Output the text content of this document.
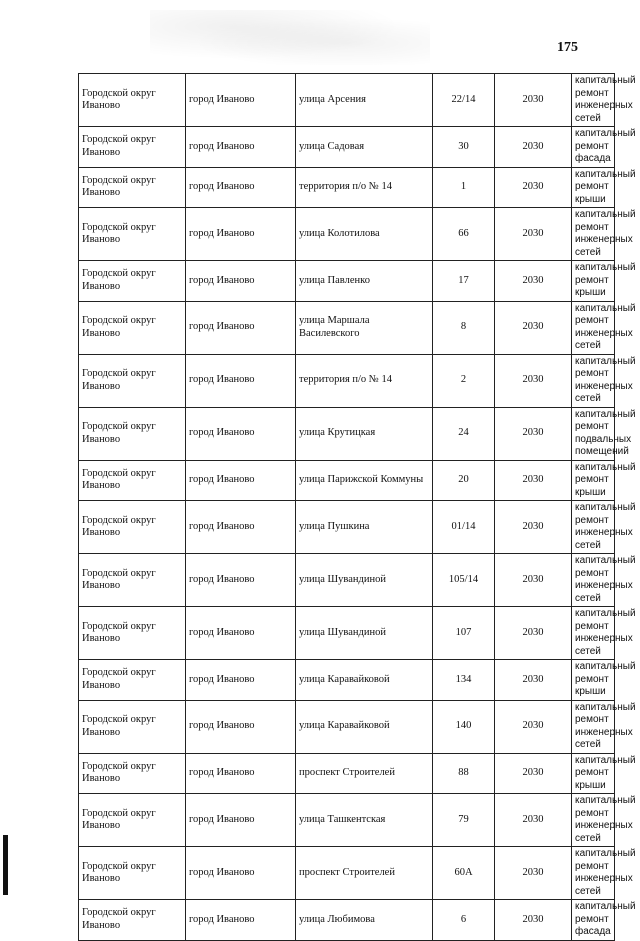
175
Городской округ Иваново	город Иваново	улица Арсения	22/14	2030	капитальный ремонт инженерных сетей
Городской округ Иваново	город Иваново	улица Садовая	30	2030	капитальный ремонт фасада
Городской округ Иваново	город Иваново	территория п/о № 14	1	2030	капитальный ремонт крыши
Городской округ Иваново	город Иваново	улица Колотилова	66	2030	капитальный ремонт инженерных сетей
Городской округ Иваново	город Иваново	улица Павленко	17	2030	капитальный ремонт крыши
Городской округ Иваново	город Иваново	улица Маршала Василевского	8	2030	капитальный ремонт инженерных сетей
Городской округ Иваново	город Иваново	территория п/о № 14	2	2030	капитальный ремонт инженерных сетей
Городской округ Иваново	город Иваново	улица Крутицкая	24	2030	капитальный ремонт подвальных помещений
Городской округ Иваново	город Иваново	улица Парижской Коммуны	20	2030	капитальный ремонт крыши
Городской округ Иваново	город Иваново	улица Пушкина	01/14	2030	капитальный ремонт инженерных сетей
Городской округ Иваново	город Иваново	улица Шувандиной	105/14	2030	капитальный ремонт инженерных сетей
Городской округ Иваново	город Иваново	улица Шувандиной	107	2030	капитальный ремонт инженерных сетей
Городской округ Иваново	город Иваново	улица Каравайковой	134	2030	капитальный ремонт крыши
Городской округ Иваново	город Иваново	улица Каравайковой	140	2030	капитальный ремонт инженерных сетей
Городской округ Иваново	город Иваново	проспект Строителей	88	2030	капитальный ремонт крыши
Городской округ Иваново	город Иваново	улица Ташкентская	79	2030	капитальный ремонт инженерных сетей
Городской округ Иваново	город Иваново	проспект Строителей	60А	2030	капитальный ремонт инженерных сетей
Городской округ Иваново	город Иваново	улица Любимова	6	2030	капитальный ремонт фасада
